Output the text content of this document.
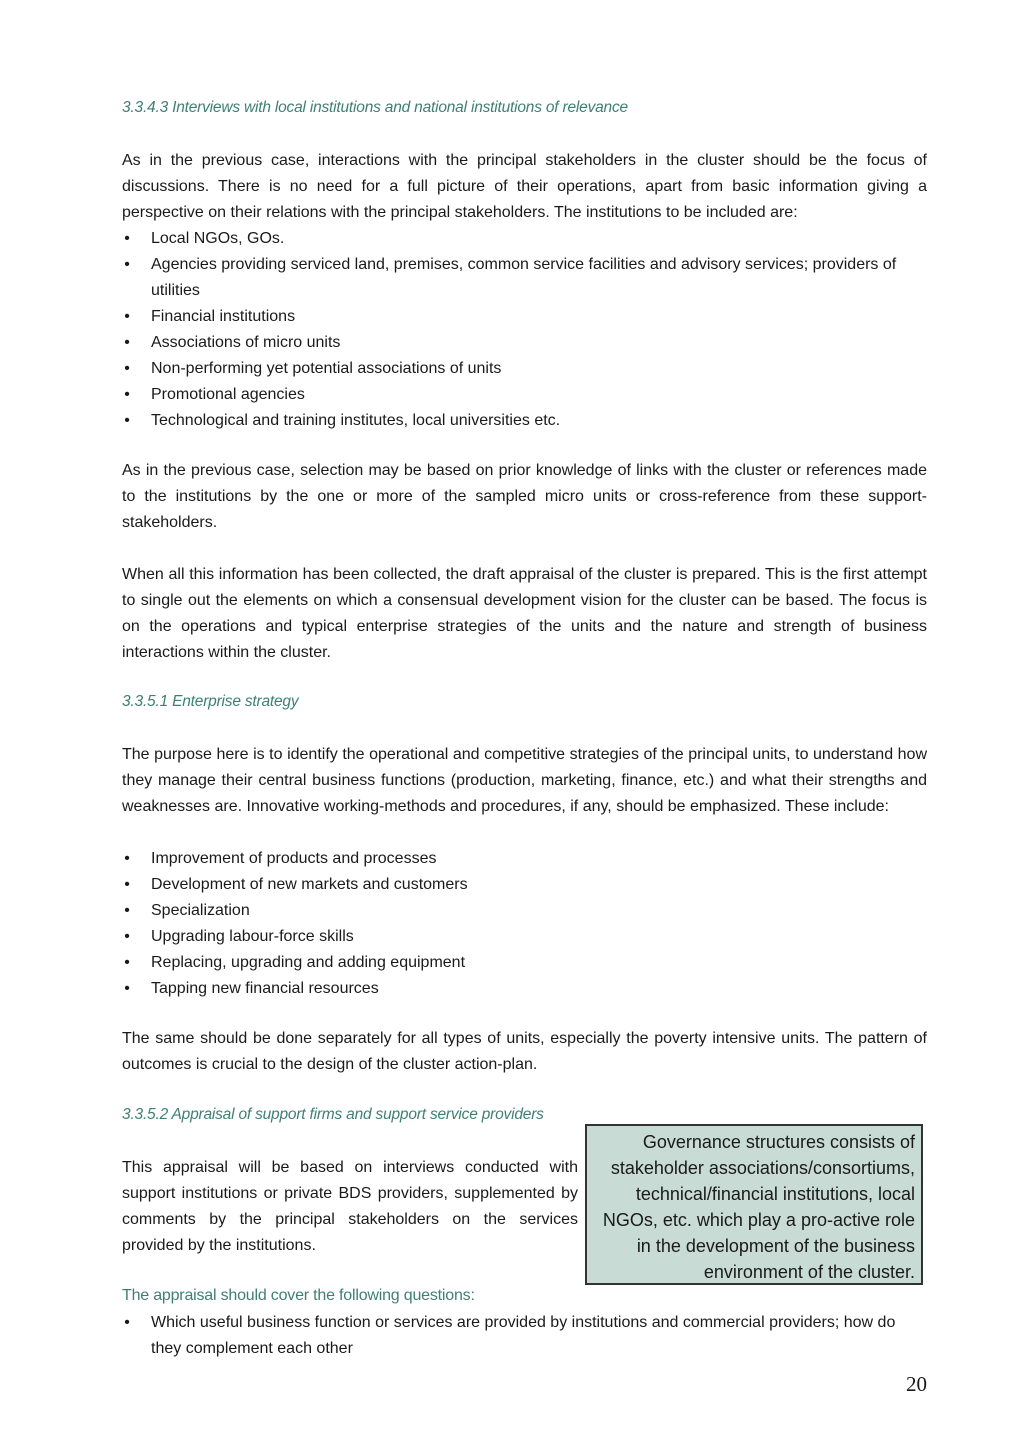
3.3.4.3 Interviews with local institutions and national institutions of relevance

As in the previous case, interactions with the principal stakeholders in the cluster should be the focus of discussions. There is no need for a full picture of their operations, apart from basic information giving a perspective on their relations with the principal stakeholders. The institutions to be included are:

• Local NGOs, GOs.
• Agencies providing serviced land, premises, common service facilities and advisory services; providers of utilities
• Financial institutions
• Associations of micro units
• Non-performing yet potential associations of units
• Promotional agencies
• Technological and training institutes, local universities etc.

As in the previous case, selection may be based on prior knowledge of links with the cluster or references made to the institutions by the one or more of the sampled micro units or cross-reference from these support-stakeholders.

When all this information has been collected, the draft appraisal of the cluster is prepared. This is the first attempt to single out the elements on which a consensual development vision for the cluster can be based. The focus is on the operations and typical enterprise strategies of the units and the nature and strength of business interactions within the cluster.

3.3.5.1 Enterprise strategy

The purpose here is to identify the operational and competitive strategies of the principal units, to understand how they manage their central business functions (production, marketing, finance, etc.) and what their strengths and weaknesses are. Innovative working-methods and procedures, if any, should be emphasized. These include:

• Improvement of products and processes
• Development of new markets and customers
• Specialization
• Upgrading labour-force skills
• Replacing, upgrading and adding equipment
• Tapping new financial resources

The same should be done separately for all types of units, especially the poverty intensive units. The pattern of outcomes is crucial to the design of the cluster action-plan.

3.3.5.2 Appraisal of support firms and support service providers

This appraisal will be based on interviews conducted with support institutions or private BDS providers, supplemented by comments by the principal stakeholders on the services provided by the institutions.

Governance structures consists of stakeholder associations/consortiums, technical/financial institutions, local NGOs, etc. which play a pro-active role in the development of the business environment of the cluster.
The appraisal should cover the following questions:
• Which useful business function or services are provided by institutions and commercial providers; how do they complement each other
20
